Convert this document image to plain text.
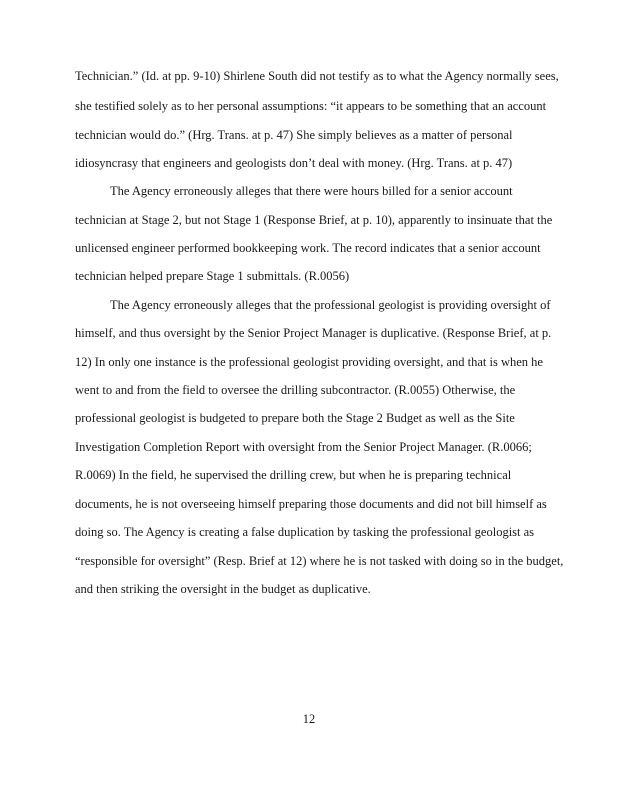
Technician.” (Id. at pp. 9-10) Shirlene South did not testify as to what the Agency normally sees,
she testified solely as to her personal assumptions: “it appears to be something that an account
technician would do.” (Hrg. Trans. at p. 47) She simply believes as a matter of personal
idiosyncrasy that engineers and geologists don’t deal with money. (Hrg. Trans. at p. 47)
The Agency erroneously alleges that there were hours billed for a senior account
technician at Stage 2, but not Stage 1 (Response Brief, at p. 10), apparently to insinuate that the
unlicensed engineer performed bookkeeping work. The record indicates that a senior account
technician helped prepare Stage 1 submittals. (R.0056)
The Agency erroneously alleges that the professional geologist is providing oversight of
himself, and thus oversight by the Senior Project Manager is duplicative. (Response Brief, at p.
12) In only one instance is the professional geologist providing oversight, and that is when he
went to and from the field to oversee the drilling subcontractor. (R.0055) Otherwise, the
professional geologist is budgeted to prepare both the Stage 2 Budget as well as the Site
Investigation Completion Report with oversight from the Senior Project Manager. (R.0066;
R.0069) In the field, he supervised the drilling crew, but when he is preparing technical
documents, he is not overseeing himself preparing those documents and did not bill himself as
doing so. The Agency is creating a false duplication by tasking the professional geologist as
“responsible for oversight” (Resp. Brief at 12) where he is not tasked with doing so in the budget,
and then striking the oversight in the budget as duplicative.
12
